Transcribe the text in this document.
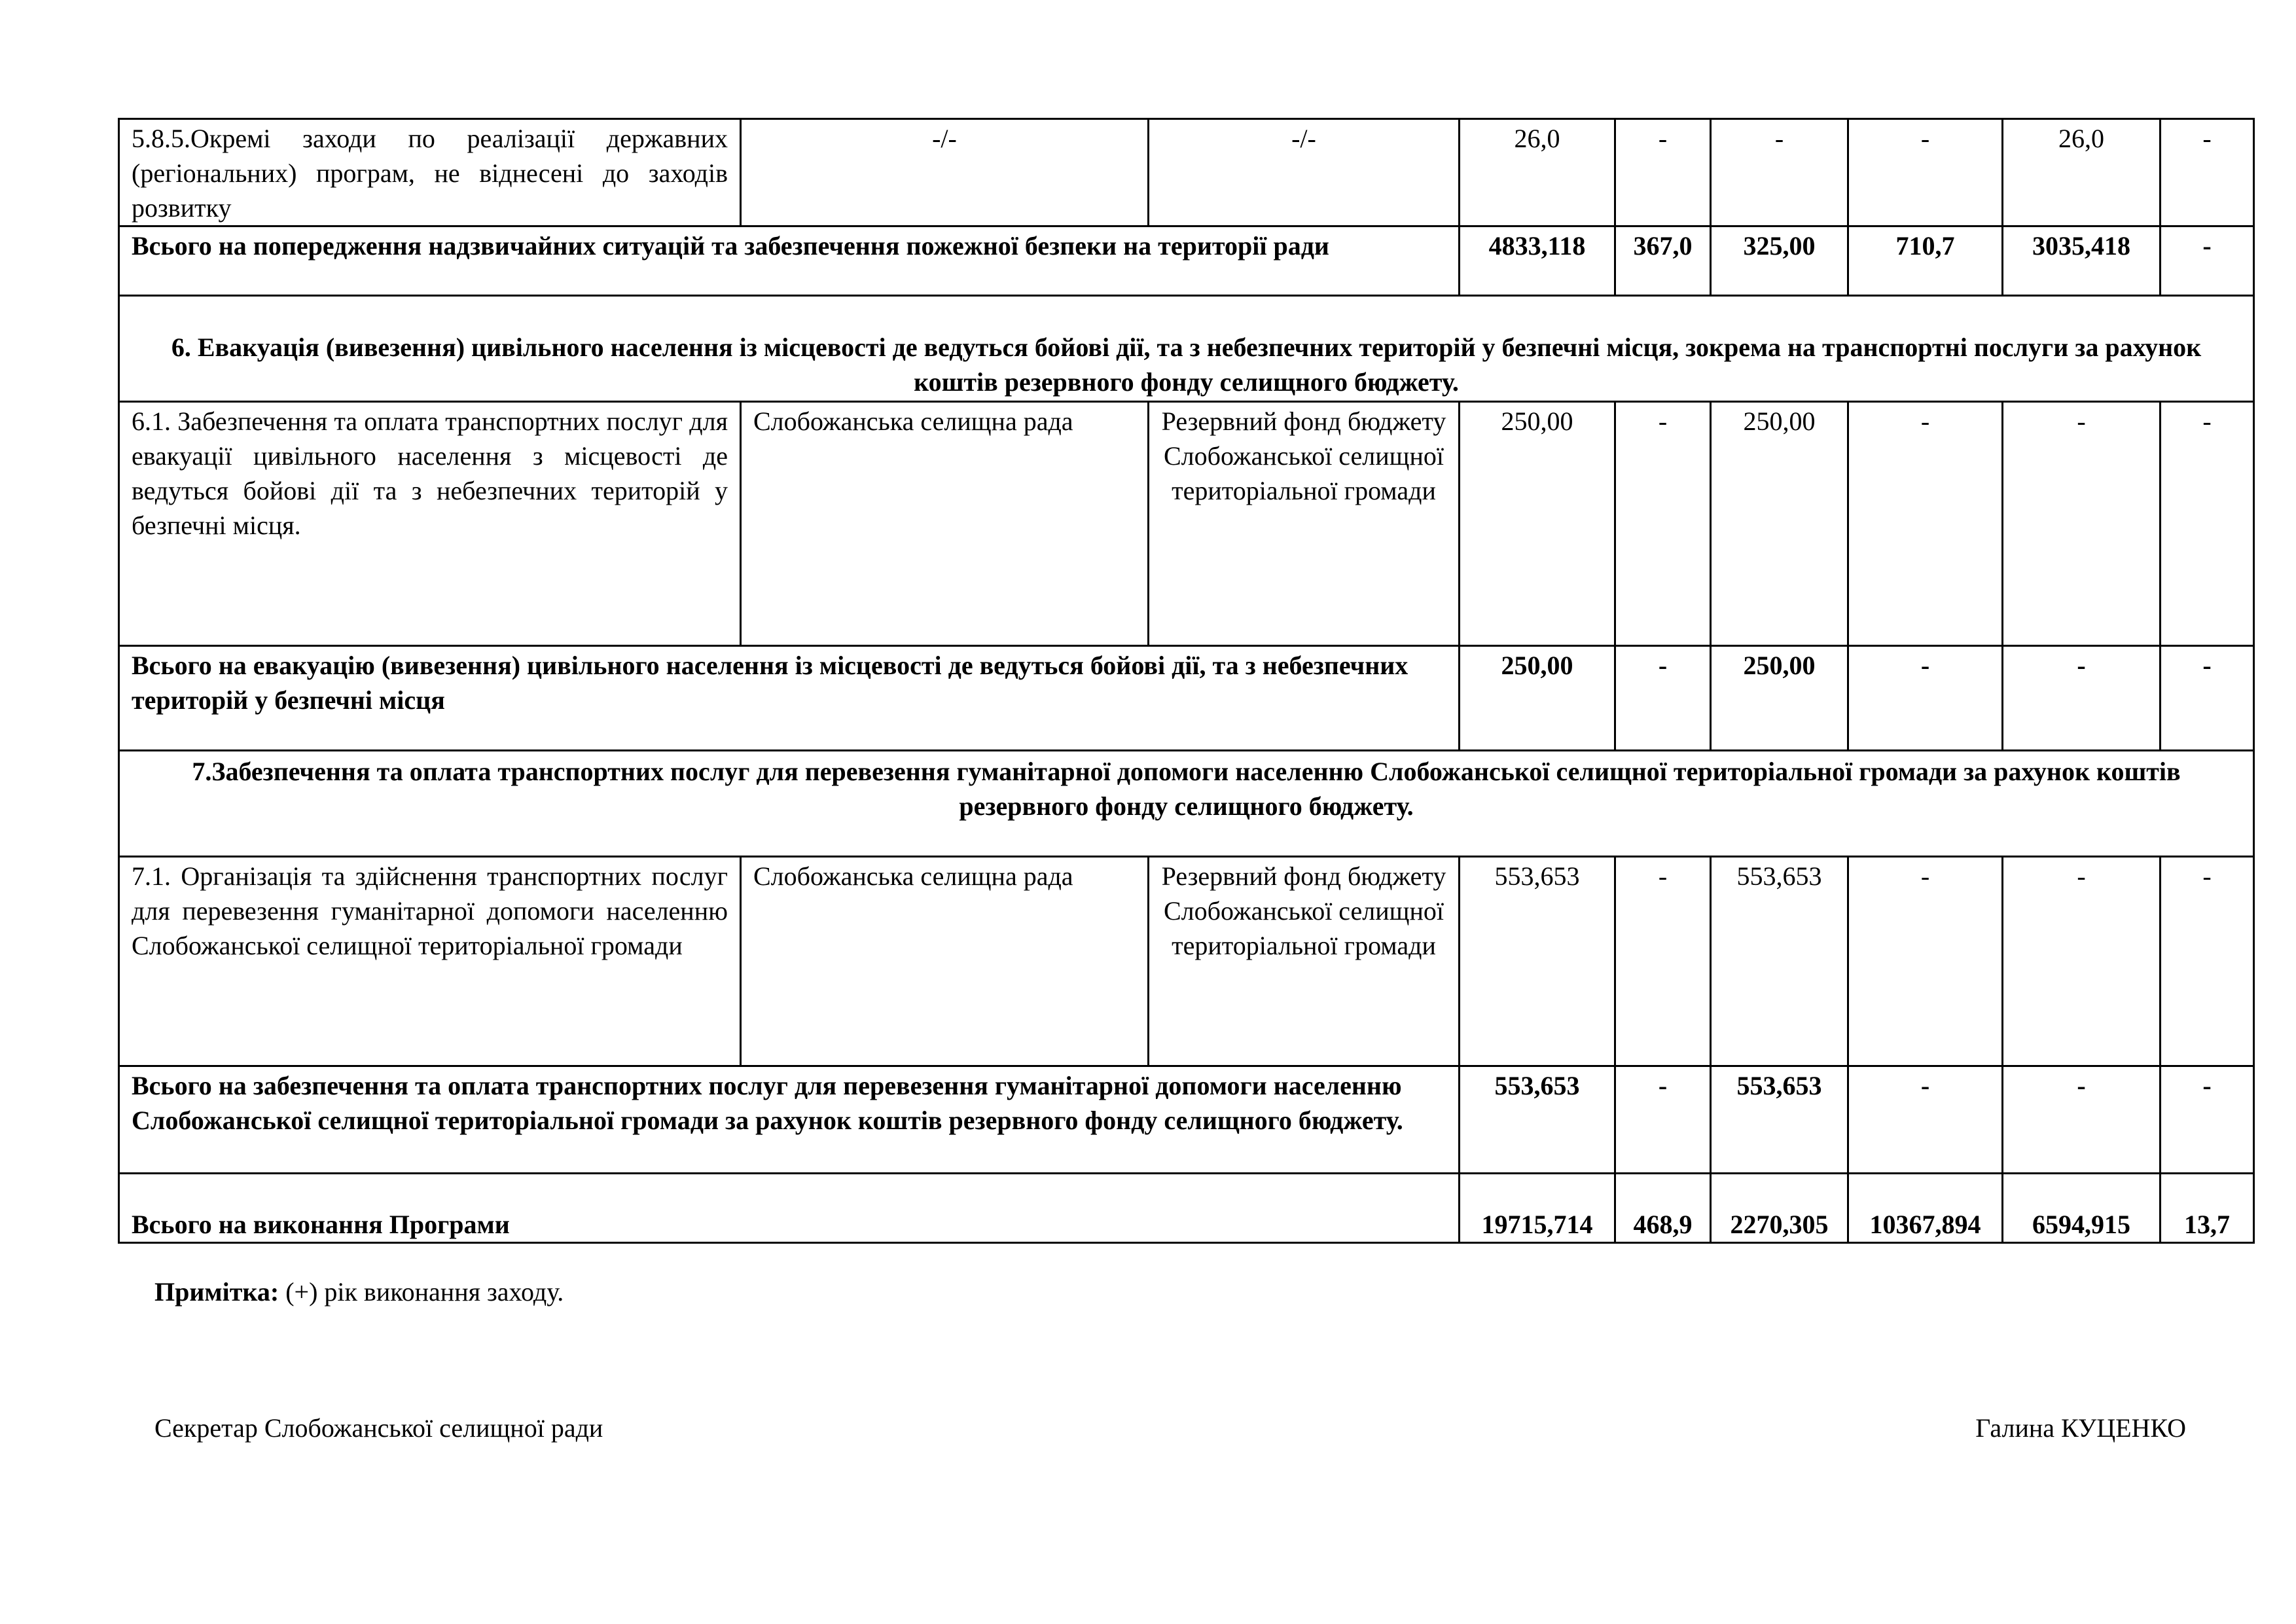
5.8.5.Окремі заходи по реалізації державних (регіональних) програм, не віднесені до заходів розвитку	-/-	-/-	26,0	-	-	-	26,0	-
Всього на попередження надзвичайних ситуацій та забезпечення пожежної безпеки на території ради			4833,118	367,0	325,00	710,7	3035,418	-
6. Евакуація (вивезення) цивільного населення із місцевості де ведуться бойові дії, та з небезпечних територій у безпечні місця, зокрема на транспортні послуги за рахунок коштів резервного фонду селищного бюджету.								
6.1. Забезпечення та оплата транспортних послуг для евакуації цивільного населення з місцевості де ведуться бойові дії та з небезпечних територій у безпечні місця.	Слобожанська селищна рада	Резервний фонд бюджету Слобожанської селищної територіальної громади	250,00	-	250,00	-	-	-
Всього на евакуацію (вивезення) цивільного населення із місцевості де ведуться бойові дії, та з небезпечних територій у безпечні місця			250,00	-	250,00	-	-	-
7.Забезпечення та оплата транспортних послуг для перевезення гуманітарної допомоги населенню Слобожанської селищної територіальної громади за рахунок коштів резервного фонду селищного бюджету.								
7.1. Організація та здійснення транспортних послуг для перевезення гуманітарної допомоги населенню Слобожанської селищної територіальної громади	Слобожанська селищна рада	Резервний фонд бюджету Слобожанської селищної територіальної громади	553,653	-	553,653	-	-	-
Всього на забезпечення та оплата транспортних послуг для перевезення гуманітарної допомоги населенню Слобожанської селищної територіальної громади за рахунок коштів резервного фонду селищного бюджету.			553,653	-	553,653	-	-	-
Всього на виконання Програми			19715,714	468,9	2270,305	10367,894	6594,915	13,7
Примітка: (+) рік виконання заходу.
Секретар Слобожанської селищної ради	Галина КУЦЕНКО
